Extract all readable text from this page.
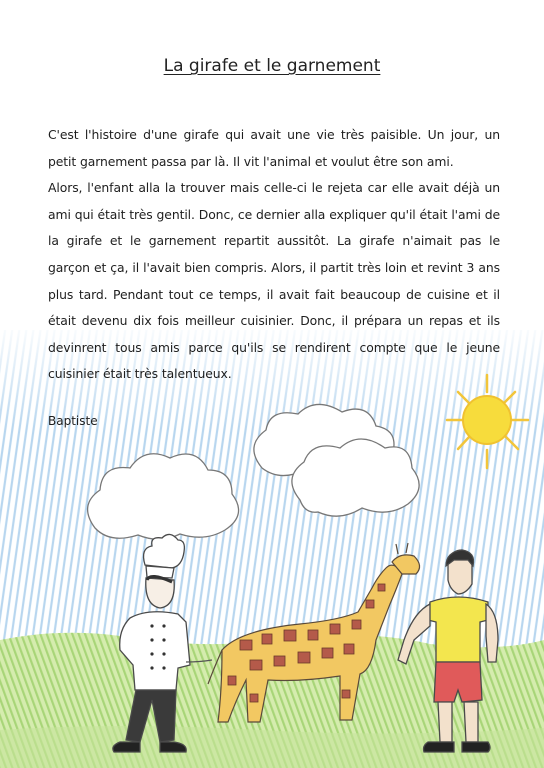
La girafe et le garnement

C'est l'histoire d'une girafe qui avait une vie très paisible. Un jour, un petit garnement passa par là. Il vit l'animal et voulut être son ami.

Alors, l'enfant alla la trouver mais celle-ci le rejeta car elle avait déjà un ami qui était très gentil. Donc, ce dernier alla expliquer qu'il était l'ami de la girafe et le garnement repartit aussitôt. La girafe n'aimait pas le garçon et ça, il l'avait bien compris. Alors, il partit très loin et revint 3 ans plus tard. Pendant tout ce temps, il avait fait beaucoup de cuisine et il était devenu dix fois meilleur cuisinier. Donc, il prépara un repas et ils devinrent tous amis parce qu'ils se rendirent compte que le jeune cuisinier était très talentueux.

Baptiste
